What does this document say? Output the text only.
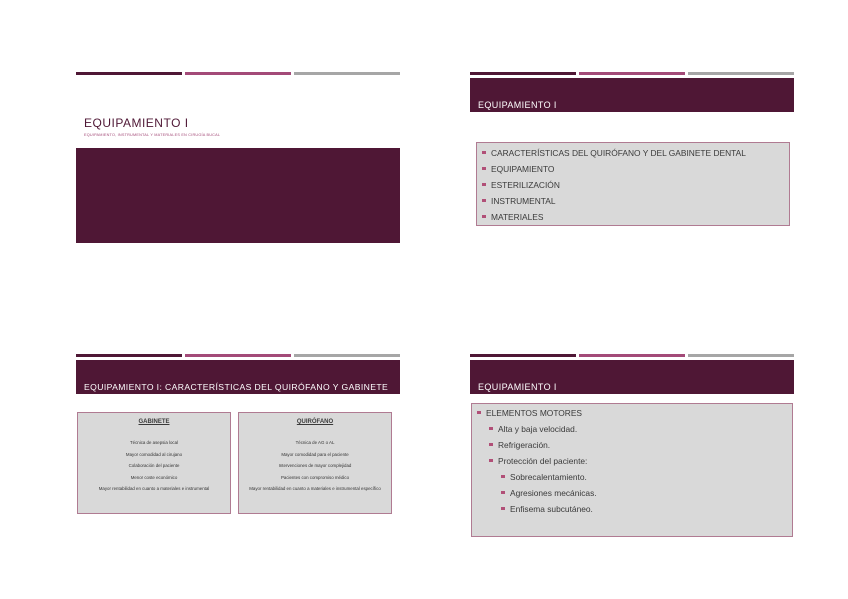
EQUIPAMIENTO I
EQUIPAMIENTO, INSTRUMENTAL Y MATERIALES EN CIRUGÍA BUCAL
EQUIPAMIENTO I
CARACTERÍSTICAS DEL QUIRÓFANO Y DEL GABINETE DENTAL
EQUIPAMIENTO
ESTERILIZACIÓN
INSTRUMENTAL
MATERIALES
EQUIPAMIENTO I: CARACTERÍSTICAS DEL QUIRÓFANO Y GABINETE
GABINETE
Técnica de asepsia local
Mayor comodidad al cirujano
Colaboración del paciente
Menor coste económico
Mayor rentabilidad en cuanto a materiales e instrumental
QUIRÓFANO
Técnica de AG o AL
Mayor comodidad para el paciente
Intervenciones de mayor complejidad
Pacientes con compromiso médico
Mayor rentabilidad en cuanto a materiales e instrumental específico
EQUIPAMIENTO I
ELEMENTOS MOTORES
Alta y baja velocidad.
Refrigeración.
Protección del paciente:
Sobrecalentamiento.
Agresiones mecánicas.
Enfisema subcutáneo.
